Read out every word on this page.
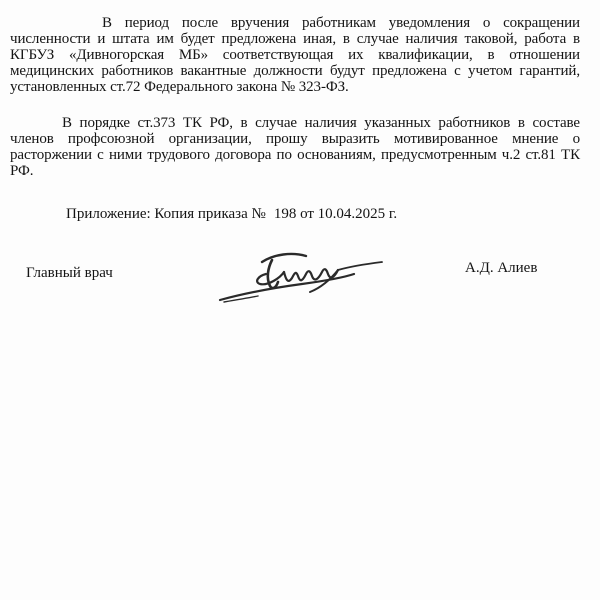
В период после вручения работникам уведомления о сокращении численности и штата им будет предложена иная, в случае наличия таковой, работа в КГБУЗ «Дивногорская МБ» соответствующая их квалификации, в отношении медицинских работников вакантные должности будут предложена с учетом гарантий, установленных ст.72 Федерального закона № 323-ФЗ.

В порядке ст.373 ТК РФ, в случае наличия указанных работников в составе членов профсоюзной организации, прошу выразить мотивированное мнение о расторжении с ними трудового договора по основаниям, предусмотренным ч.2 ст.81 ТК РФ.

Приложение: Копия приказа № 198 от 10.04.2025 г.
Главный врач	А.Д. Алиев
